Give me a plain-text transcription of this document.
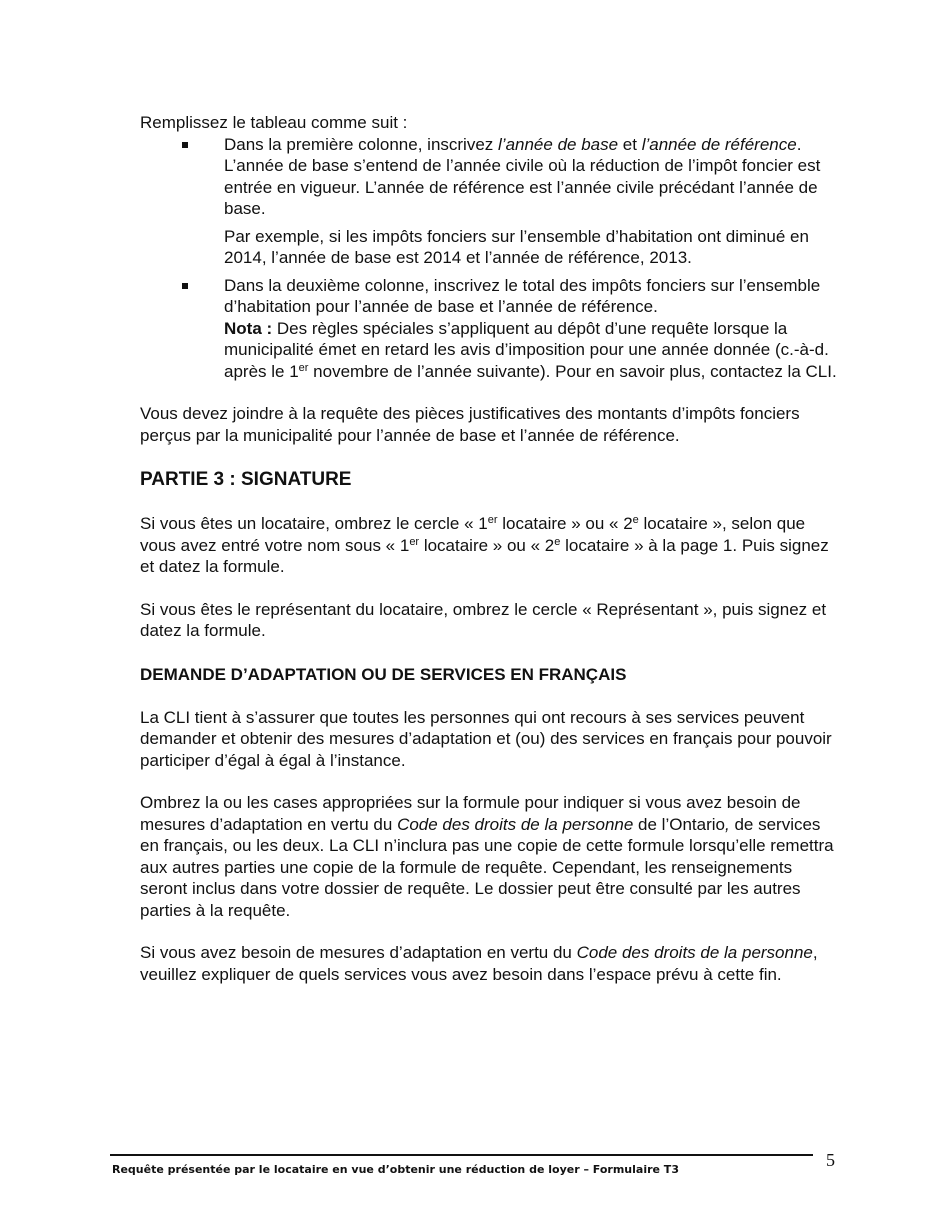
Remplissez le tableau comme suit :

Dans la première colonne, inscrivez l’année de base et l’année de référence. L’année de base s’entend de l’année civile où la réduction de l’impôt foncier est entrée en vigueur. L’année de référence est l’année civile précédant l’année de base.

Par exemple, si les impôts fonciers sur l’ensemble d’habitation ont diminué en 2014, l’année de base est 2014 et l’année de référence, 2013.

Dans la deuxième colonne, inscrivez le total des impôts fonciers sur l’ensemble d’habitation pour l’année de base et l’année de référence.
Nota : Des règles spéciales s’appliquent au dépôt d’une requête lorsque la municipalité émet en retard les avis d’imposition pour une année donnée (c.-à-d. après le 1er novembre de l’année suivante). Pour en savoir plus, contactez la CLI.

Vous devez joindre à la requête des pièces justificatives des montants d’impôts fonciers perçus par la municipalité pour l’année de base et l’année de référence.

PARTIE 3 : SIGNATURE

Si vous êtes un locataire, ombrez le cercle « 1er locataire » ou « 2e locataire », selon que vous avez entré votre nom sous « 1er locataire » ou « 2e locataire » à la page 1. Puis signez et datez la formule.

Si vous êtes le représentant du locataire, ombrez le cercle « Représentant », puis signez et datez la formule.

DEMANDE D’ADAPTATION OU DE SERVICES EN FRANÇAIS

La CLI tient à s’assurer que toutes les personnes qui ont recours à ses services peuvent demander et obtenir des mesures d’adaptation et (ou) des services en français pour pouvoir participer d’égal à égal à l’instance.

Ombrez la ou les cases appropriées sur la formule pour indiquer si vous avez besoin de mesures d’adaptation en vertu du Code des droits de la personne de l’Ontario, de services en français, ou les deux. La CLI n’inclura pas une copie de cette formule lorsqu’elle remettra aux autres parties une copie de la formule de requête. Cependant, les renseignements seront inclus dans votre dossier de requête. Le dossier peut être consulté par les autres parties à la requête.

Si vous avez besoin de mesures d’adaptation en vertu du Code des droits de la personne, veuillez expliquer de quels services vous avez besoin dans l’espace prévu à cette fin.

Requête présentée par le locataire en vue d’obtenir une réduction de loyer – Formulaire T3	5
